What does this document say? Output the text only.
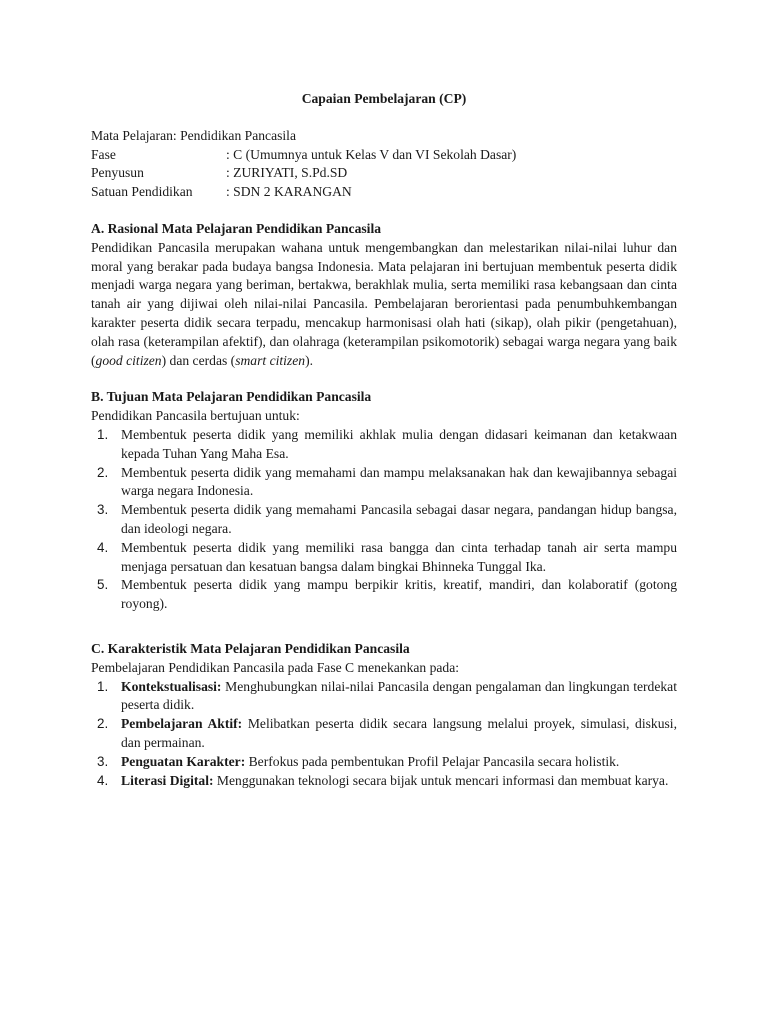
Capaian Pembelajaran (CP)

Mata Pelajaran: Pendidikan Pancasila
Fase	: C (Umumnya untuk Kelas V dan VI Sekolah Dasar)
Penyusun	: ZURIYATI, S.Pd.SD
Satuan Pendidikan	: SDN 2 KARANGAN

A. Rasional Mata Pelajaran Pendidikan Pancasila

Pendidikan Pancasila merupakan wahana untuk mengembangkan dan melestarikan nilai-nilai luhur dan moral yang berakar pada budaya bangsa Indonesia. Mata pelajaran ini bertujuan membentuk peserta didik menjadi warga negara yang beriman, bertakwa, berakhlak mulia, serta memiliki rasa kebangsaan dan cinta tanah air yang dijiwai oleh nilai-nilai Pancasila. Pembelajaran berorientasi pada penumbuhkembangan karakter peserta didik secara terpadu, mencakup harmonisasi olah hati (sikap), olah pikir (pengetahuan), olah rasa (keterampilan afektif), dan olahraga (keterampilan psikomotorik) sebagai warga negara yang baik (good citizen) dan cerdas (smart citizen).

B. Tujuan Mata Pelajaran Pendidikan Pancasila

Pendidikan Pancasila bertujuan untuk:

1. Membentuk peserta didik yang memiliki akhlak mulia dengan didasari keimanan dan ketakwaan kepada Tuhan Yang Maha Esa.
2. Membentuk peserta didik yang memahami dan mampu melaksanakan hak dan kewajibannya sebagai warga negara Indonesia.
3. Membentuk peserta didik yang memahami Pancasila sebagai dasar negara, pandangan hidup bangsa, dan ideologi negara.
4. Membentuk peserta didik yang memiliki rasa bangga dan cinta terhadap tanah air serta mampu menjaga persatuan dan kesatuan bangsa dalam bingkai Bhinneka Tunggal Ika.
5. Membentuk peserta didik yang mampu berpikir kritis, kreatif, mandiri, dan kolaboratif (gotong royong).

C. Karakteristik Mata Pelajaran Pendidikan Pancasila

Pembelajaran Pendidikan Pancasila pada Fase C menekankan pada:

1. Kontekstualisasi: Menghubungkan nilai-nilai Pancasila dengan pengalaman dan lingkungan terdekat peserta didik.
2. Pembelajaran Aktif: Melibatkan peserta didik secara langsung melalui proyek, simulasi, diskusi, dan permainan.
3. Penguatan Karakter: Berfokus pada pembentukan Profil Pelajar Pancasila secara holistik.
4. Literasi Digital: Menggunakan teknologi secara bijak untuk mencari informasi dan membuat karya.
